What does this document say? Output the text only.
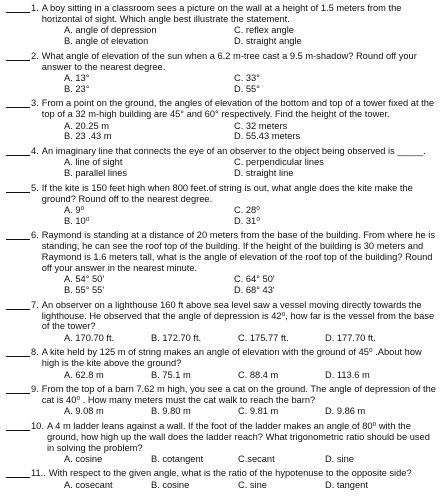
1. A boy sitting in a classroom sees a picture on the wall at a height of 1.5 meters from the horizontal of sight. Which angle best illustrate the statement.
A. angle of depression	C. reflex angle
B. angle of elevation	D. straight angle
2. What angle of elevation of the sun when a 6.2 m-tree cast a 9.5 m-shadow? Round off your answer to the nearest degree.
A. 13°	C. 33°
B. 23°	D. 55°
3. From a point on the ground, the angles of elevation of the bottom and top of a tower fixed at the top of a 32 m-high building are 45° and 60° respectively. Find the height of the tower.
A. 20.25 m	C. 32 meters
B. 23 .43 m	D. 55.43 meters
4. An imaginary line that connects the eye of an observer to the object being observed is _____.
A. line of sight	C. perpendicular lines
B. parallel lines	D. straight line
5. If the kite is 150 feet high when 800 feet.of string is out, what angle does the kite make the ground? Round off to the nearest degree.
A. 9⁰	C. 28⁰
B. 10⁰	D. 31⁰
6. Raymond is standing at a distance of 20 meters from the base of the building. From where he is standing, he can see the roof top of the building. If the height of the building is 30 meters and Raymond is 1.6 meters tall, what is the angle of elevation of the roof top of the building? Round off your answer in the nearest minute.
A. 54° 50'	C. 64° 50'
B. 55° 55'	D. 68° 43'
7. An observer on a lighthouse 160 ft above sea level saw a vessel moving directly towards the lighthouse. He observed that the angle of depression is 42⁰, how far is the vessel from the base of the tower?
A. 170.70 ft.	B. 172.70 ft.	C. 175.77 ft.	D. 177.70 ft.
8. A kite held by 125 m of string makes an angle of elevation with the ground of 45⁰ .About how high is the kite above the ground?
A. 62.8 m	B. 75.1 m	C. 88.4 m	D. 113.6 m
9. From the top of a barn 7.62 m high, you see a cat on the ground. The angle of depression of the cat is 40⁰ . How many meters must the cat walk to reach the barn?
A. 9.08 m	B. 9.80 m	C. 9.81 m	D. 9.86 m
10. A 4 m ladder leans against a wall. If the foot of the ladder makes an angle of 80⁰ with the ground, how high up the wall does the ladder reach? What trigonometric ratio should be used in solving the problem?
A. cosine	B. cotangent	C.secant	D. sine
11.. With respect to the given angle, what is the ratio of the hypotenuse to the opposite side?
A. cosecant	B. cosine	C. sine	D. tangent
